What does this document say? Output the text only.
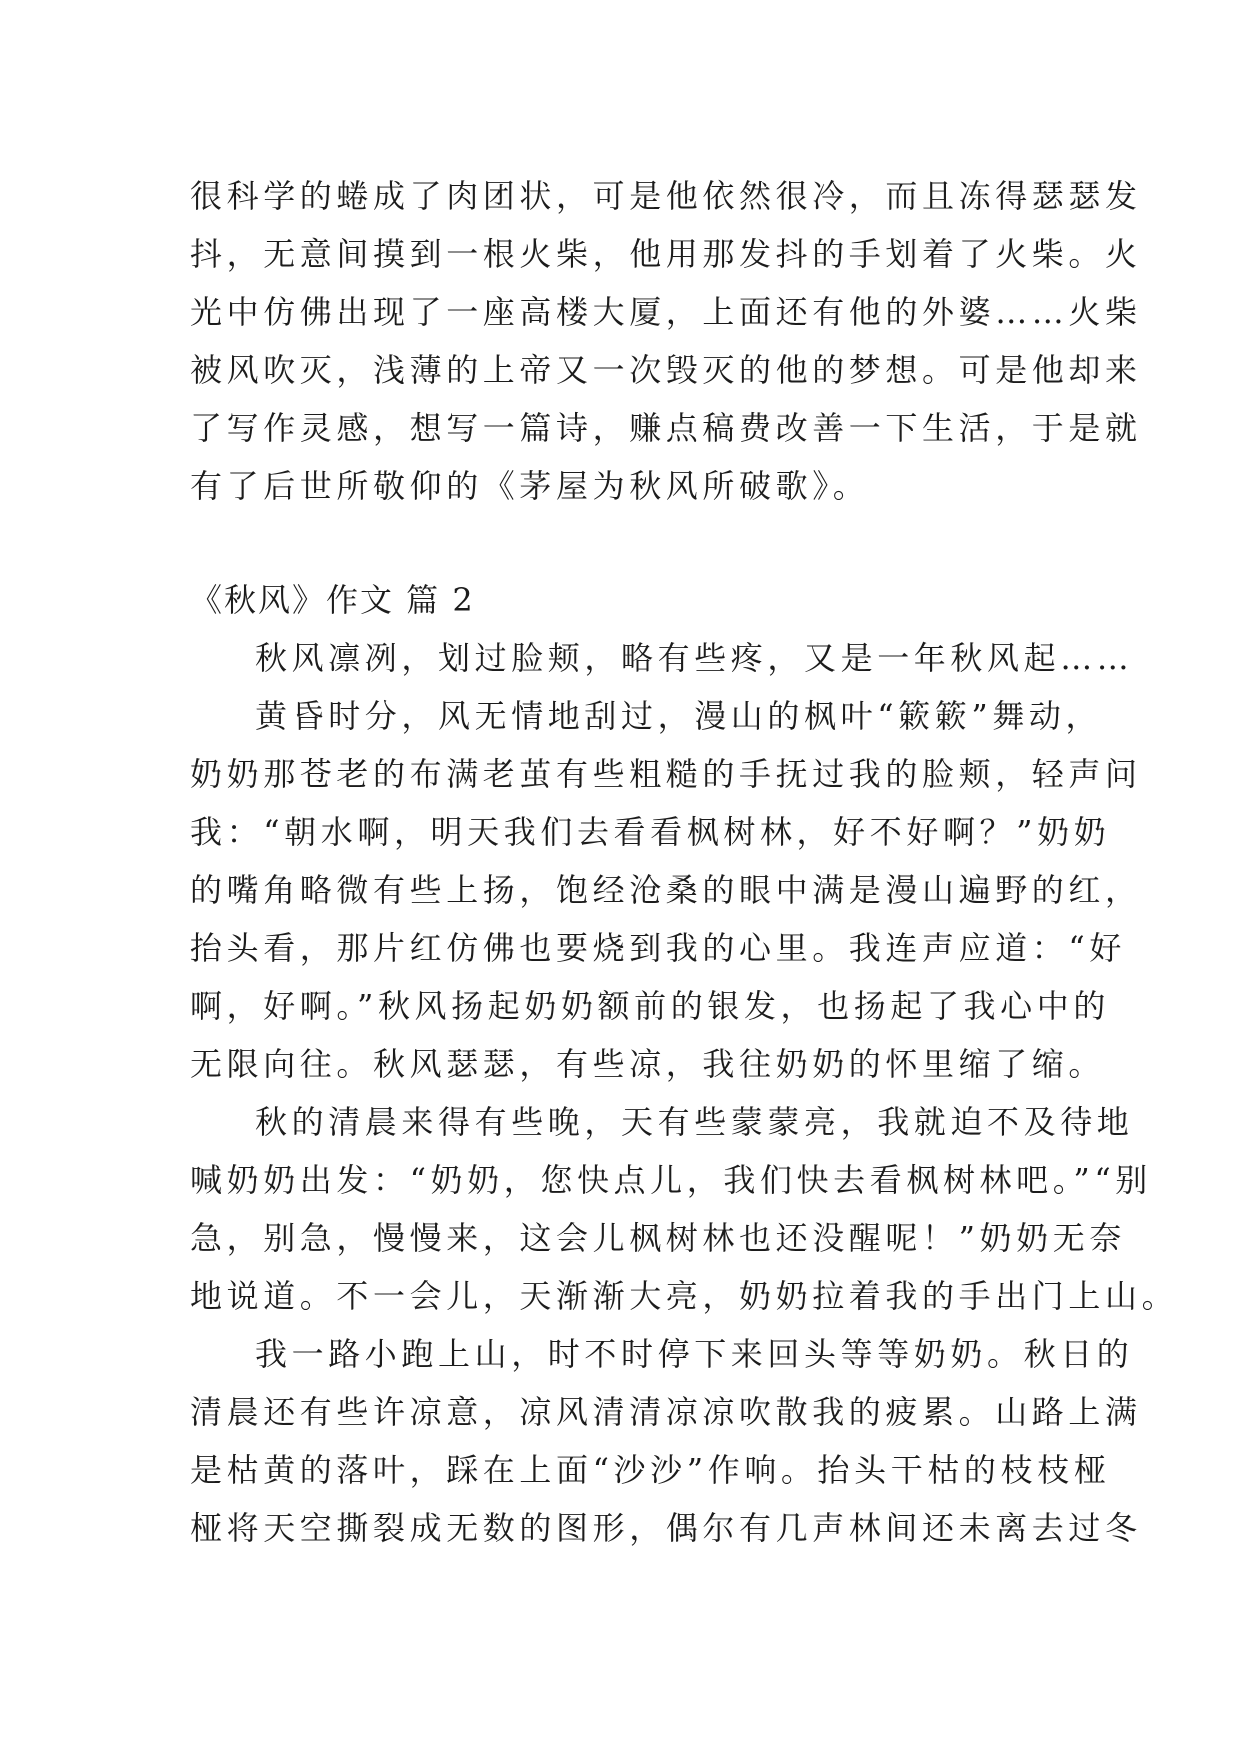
很科学的蜷成了肉团状，可是他依然很冷，而且冻得瑟瑟发
抖，无意间摸到一根火柴，他用那发抖的手划着了火柴。火
光中仿佛出现了一座高楼大厦，上面还有他的外婆……火柴
被风吹灭，浅薄的上帝又一次毁灭的他的梦想。可是他却来
了写作灵感，想写一篇诗，赚点稿费改善一下生活，于是就
有了后世所敬仰的《茅屋为秋风所破歌》。
《秋风》作文 篇 2
秋风凛冽，划过脸颊，略有些疼，又是一年秋风起……
黄昏时分，风无情地刮过，漫山的枫叶“簌簌”舞动，
奶奶那苍老的布满老茧有些粗糙的手抚过我的脸颊，轻声问
我：“朝水啊，明天我们去看看枫树林，好不好啊？”奶奶
的嘴角略微有些上扬，饱经沧桑的眼中满是漫山遍野的红，
抬头看，那片红仿佛也要烧到我的心里。我连声应道：“好
啊，好啊。”秋风扬起奶奶额前的银发，也扬起了我心中的
无限向往。秋风瑟瑟，有些凉，我往奶奶的怀里缩了缩。
秋的清晨来得有些晚，天有些蒙蒙亮，我就迫不及待地
喊奶奶出发：“奶奶，您快点儿，我们快去看枫树林吧。”“别
急，别急，慢慢来，这会儿枫树林也还没醒呢！”奶奶无奈
地说道。不一会儿，天渐渐大亮，奶奶拉着我的手出门上山。
我一路小跑上山，时不时停下来回头等等奶奶。秋日的
清晨还有些许凉意，凉风清清凉凉吹散我的疲累。山路上满
是枯黄的落叶，踩在上面“沙沙”作响。抬头干枯的枝枝桠
桠将天空撕裂成无数的图形，偶尔有几声林间还未离去过冬
